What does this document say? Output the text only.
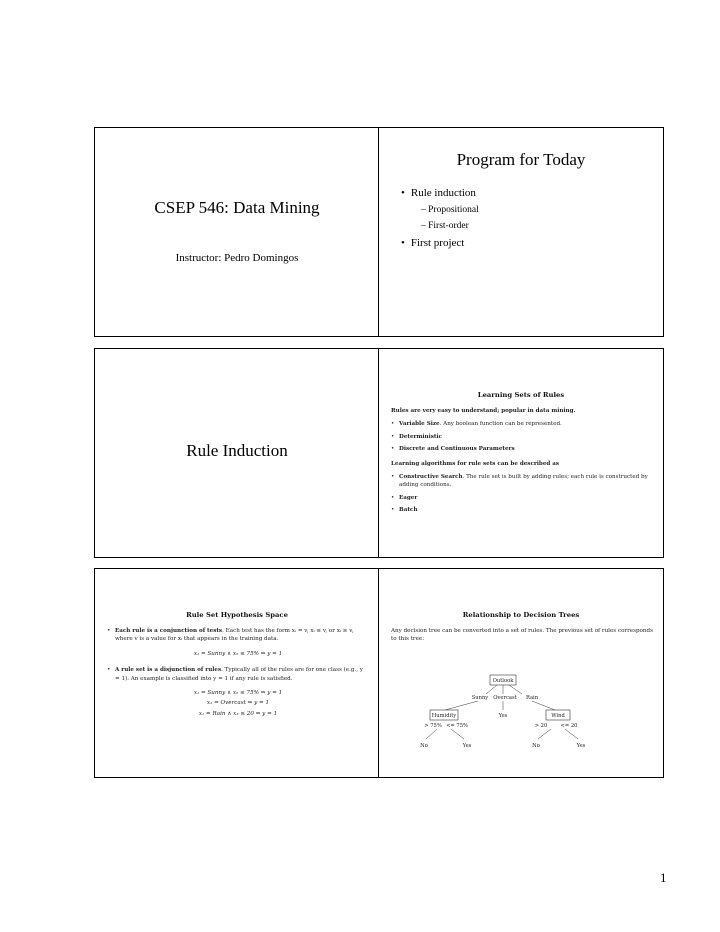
CSEP 546: Data Mining
Instructor: Pedro Domingos
Program for Today
• Rule induction
– Propositional
– First-order
• First project
Rule Induction
Learning Sets of Rules

Rules are very easy to understand; popular in data mining.

• Variable Size. Any boolean function can be represented.
• Deterministic
• Discrete and Continuous Parameters

Learning algorithms for rule sets can be described as

• Constructive Search. The rule set is built by adding rules; each rule is constructed by adding conditions.
• Eager
• Batch
Rule Set Hypothesis Space
• Each rule is a conjunction of tests. Each test has the form xᵢ = v, xᵢ ≤ v, or xᵢ ≥ v, where v is a value for xᵢ that appears in the training data.
x₁ = Sunny ∧ x₂ ≤ 75% ⇒ y = 1
• A rule set is a disjunction of rules. Typically all of the rules are for one class (e.g., y = 1). An example is classified into y = 1 if any rule is satisfied.
x₁ = Sunny ∧ x₂ ≤ 75% ⇒ y = 1
x₁ = Overcast ⇒ y = 1
x₁ = Rain ∧ x₃ ≤ 20 ⇒ y = 1
Relationship to Decision Trees

Any decision tree can be converted into a set of rules. The previous set of rules corresponds to this tree:

Outlook
Sunny Overcast Rain
Humidity	Yes	Wind
> 75% <= 75%	> 20	<= 20
No	Yes	No	Yes
1
